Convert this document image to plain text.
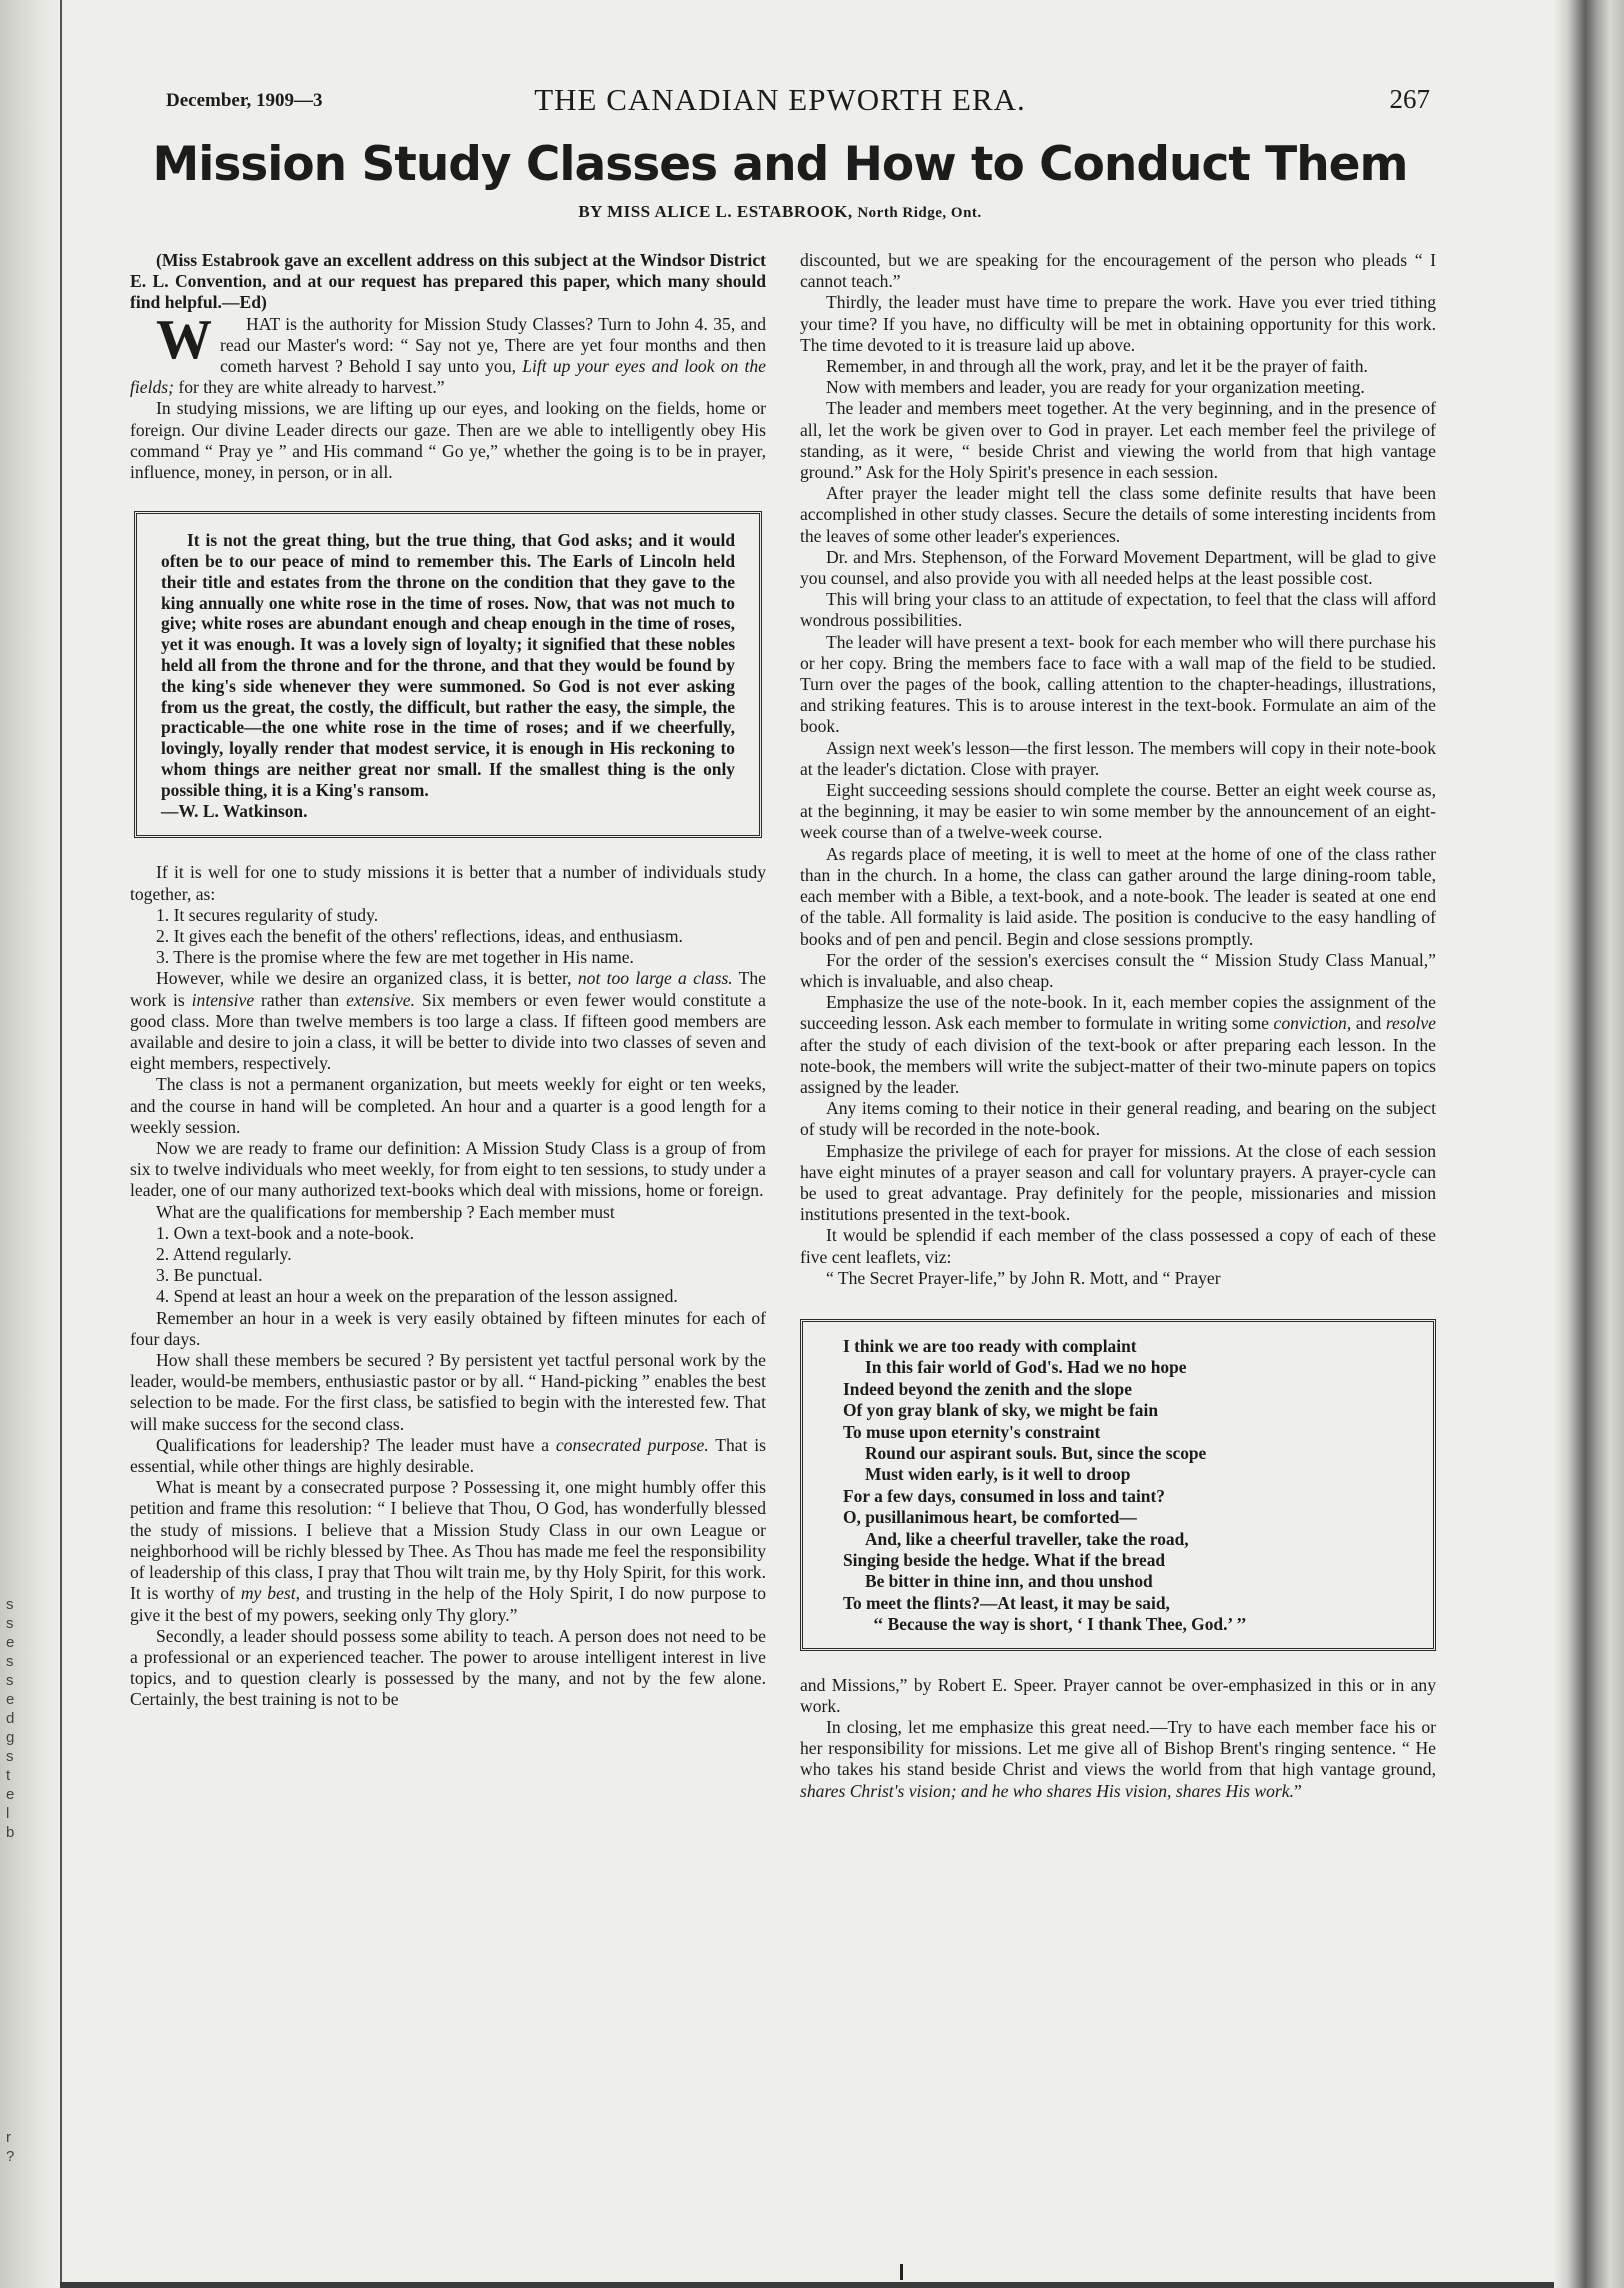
s
s
e
s
s
e
d
g
s
t
e
l
b
r
?
December, 1909—3	THE CANADIAN EPWORTH ERA.	267
Mission Study Classes and How to Conduct Them
BY MISS ALICE L. ESTABROOK, North Ridge, Ont.

(Miss Estabrook gave an excellent address on this subject at the Windsor District E. L. Convention, and at our request has prepared this paper, which many should find helpful.—Ed)

W HAT is the authority for Mission Study Classes? Turn to John 4. 35, and read our Master's word: “ Say not ye, There are yet four months and then cometh harvest ? Behold I say unto you, Lift up your eyes and look on the fields; for they are white already to harvest.”

In studying missions, we are lifting up our eyes, and looking on the fields, home or foreign. Our divine Leader directs our gaze. Then are we able to intelligently obey His command “ Pray ye ” and His command “ Go ye,” whether the going is to be in prayer, influence, money, in person, or in all.

It is not the great thing, but the true thing, that God asks; and it would often be to our peace of mind to remember this. The Earls of Lincoln held their title and estates from the throne on the condition that they gave to the king annually one white rose in the time of roses. Now, that was not much to give; white roses are abundant enough and cheap enough in the time of roses, yet it was enough. It was a lovely sign of loyalty; it signified that these nobles held all from the throne and for the throne, and that they would be found by the king's side whenever they were summoned. So God is not ever asking from us the great, the costly, the difficult, but rather the easy, the simple, the practicable—the one white rose in the time of roses; and if we cheerfully, lovingly, loyally render that modest service, it is enough in His reckoning to whom things are neither great nor small. If the smallest thing is the only possible thing, it is a King's ransom.

—W. L. Watkinson.

If it is well for one to study missions it is better that a number of individuals study together, as:

1. It secures regularity of study.

2. It gives each the benefit of the others' reflections, ideas, and enthusiasm.

3. There is the promise where the few are met together in His name.

However, while we desire an organized class, it is better, not too large a class. The work is intensive rather than extensive. Six members or even fewer would constitute a good class. More than twelve members is too large a class. If fifteen good members are available and desire to join a class, it will be better to divide into two classes of seven and eight members, respectively.

The class is not a permanent organization, but meets weekly for eight or ten weeks, and the course in hand will be completed. An hour and a quarter is a good length for a weekly session.

Now we are ready to frame our definition: A Mission Study Class is a group of from six to twelve individuals who meet weekly, for from eight to ten sessions, to study under a leader, one of our many authorized text-books which deal with missions, home or foreign.

What are the qualifications for membership ? Each member must

1. Own a text-book and a note-book.

2. Attend regularly.

3. Be punctual.

4. Spend at least an hour a week on the preparation of the lesson assigned.

Remember an hour in a week is very easily obtained by fifteen minutes for each of four days.

How shall these members be secured ? By persistent yet tactful personal work by the leader, would-be members, enthusiastic pastor or by all. “ Hand-picking ” enables the best selection to be made. For the first class, be satisfied to begin with the interested few. That will make success for the second class.

Qualifications for leadership? The leader must have a consecrated purpose. That is essential, while other things are highly desirable.

What is meant by a consecrated purpose ? Possessing it, one might humbly offer this petition and frame this resolution: “ I believe that Thou, O God, has wonderfully blessed the study of missions. I believe that a Mission Study Class in our own League or neighborhood will be richly blessed by Thee. As Thou has made me feel the responsibility of leadership of this class, I pray that Thou wilt train me, by thy Holy Spirit, for this work. It is worthy of my best, and trusting in the help of the Holy Spirit, I do now purpose to give it the best of my powers, seeking only Thy glory.”

Secondly, a leader should possess some ability to teach. A person does not need to be a professional or an experienced teacher. The power to arouse intelligent interest in live topics, and to question clearly is possessed by the many, and not by the few alone. Certainly, the best training is not to be

discounted, but we are speaking for the encouragement of the person who pleads “ I cannot teach.”

Thirdly, the leader must have time to prepare the work. Have you ever tried tithing your time? If you have, no difficulty will be met in obtaining opportunity for this work. The time devoted to it is treasure laid up above.

Remember, in and through all the work, pray, and let it be the prayer of faith.

Now with members and leader, you are ready for your organization meeting.

The leader and members meet together. At the very beginning, and in the presence of all, let the work be given over to God in prayer. Let each member feel the privilege of standing, as it were, “ beside Christ and viewing the world from that high vantage ground.” Ask for the Holy Spirit's presence in each session.

After prayer the leader might tell the class some definite results that have been accomplished in other study classes. Secure the details of some interesting incidents from the leaves of some other leader's experiences.

Dr. and Mrs. Stephenson, of the Forward Movement Department, will be glad to give you counsel, and also provide you with all needed helps at the least possible cost.

This will bring your class to an attitude of expectation, to feel that the class will afford wondrous possibilities.

The leader will have present a text- book for each member who will there purchase his or her copy. Bring the members face to face with a wall map of the field to be studied. Turn over the pages of the book, calling attention to the chapter-headings, illustrations, and striking features. This is to arouse interest in the text-book. Formulate an aim of the book.

Assign next week's lesson—the first lesson. The members will copy in their note-book at the leader's dictation. Close with prayer.

Eight succeeding sessions should complete the course. Better an eight week course as, at the beginning, it may be easier to win some member by the announcement of an eight-week course than of a twelve-week course.

As regards place of meeting, it is well to meet at the home of one of the class rather than in the church. In a home, the class can gather around the large dining-room table, each member with a Bible, a text-book, and a note-book. The leader is seated at one end of the table. All formality is laid aside. The position is conducive to the easy handling of books and of pen and pencil. Begin and close sessions promptly.

For the order of the session's exercises consult the “ Mission Study Class Manual,” which is invaluable, and also cheap.

Emphasize the use of the note-book. In it, each member copies the assignment of the succeeding lesson. Ask each member to formulate in writing some conviction, and resolve after the study of each division of the text-book or after preparing each lesson. In the note-book, the members will write the subject-matter of their two-minute papers on topics assigned by the leader.

Any items coming to their notice in their general reading, and bearing on the subject of study will be recorded in the note-book.

Emphasize the privilege of each for prayer for missions. At the close of each session have eight minutes of a prayer season and call for voluntary prayers. A prayer-cycle can be used to great advantage. Pray definitely for the people, missionaries and mission institutions presented in the text-book.

It would be splendid if each member of the class possessed a copy of each of these five cent leaflets, viz:

“ The Secret Prayer-life,” by John R. Mott, and “ Prayer

I think we are too ready with complaint
In this fair world of God's. Had we no hope
Indeed beyond the zenith and the slope
Of yon gray blank of sky, we might be fain
To muse upon eternity's constraint
Round our aspirant souls. But, since the scope
Must widen early, is it well to droop
For a few days, consumed in loss and taint?
O, pusillanimous heart, be comforted—
And, like a cheerful traveller, take the road,
Singing beside the hedge. What if the bread
Be bitter in thine inn, and thou unshod
To meet the flints?—At least, it may be said,
‘‘ Because the way is short, ‘ I thank Thee, God.’ ’’

and Missions,” by Robert E. Speer. Prayer cannot be over-emphasized in this or in any work.

In closing, let me emphasize this great need.—Try to have each member face his or her responsibility for missions. Let me give all of Bishop Brent's ringing sentence. “ He who takes his stand beside Christ and views the world from that high vantage ground, shares Christ's vision; and he who shares His vision, shares His work.”
